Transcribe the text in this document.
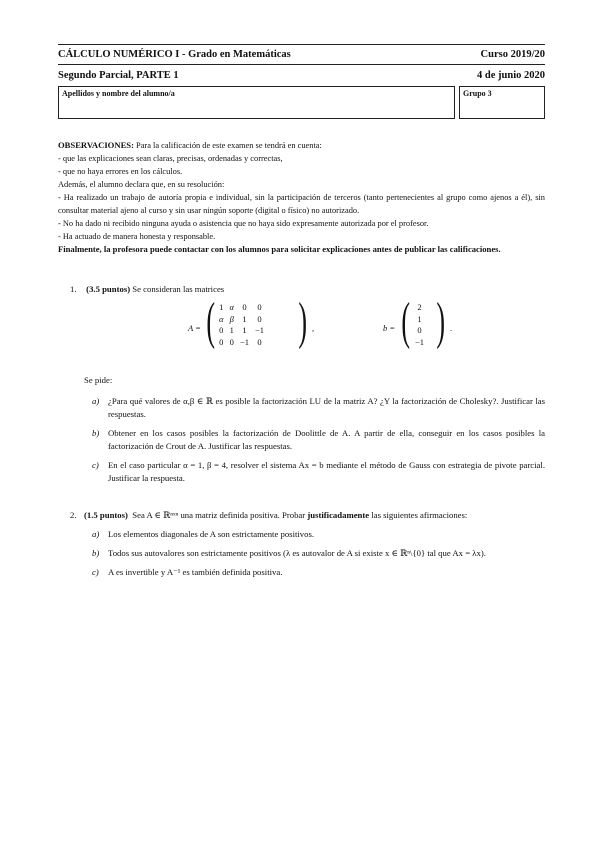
CÁLCULO NUMÉRICO I - Grado en Matemáticas	Curso 2019/20
Segundo Parcial, PARTE 1	4 de junio 2020
Apellidos y nombre del alumno/a	Grupo 3
OBSERVACIONES: Para la calificación de este examen se tendrá en cuenta:
- que las explicaciones sean claras, precisas, ordenadas y correctas,
- que no haya errores en los cálculos.
Además, el alumno declara que, en su resolución:
- Ha realizado un trabajo de autoría propia e individual, sin la participación de terceros (tanto pertenecientes al grupo como ajenos a él), sin consultar material ajeno al curso y sin usar ningún soporte (digital o físico) no autorizado.
- No ha dado ni recibido ninguna ayuda o asistencia que no haya sido expresamente autorizada por el profesor.
- Ha actuado de manera honesta y responsable.
Finalmente, la profesora puede contactar con los alumnos para solicitar explicaciones antes de publicar las calificaciones.
1. (3.5 puntos) Se consideran las matrices
A = ( 1	α	0	0
α	β	1	0
0	1	1	−1
0	0	−1	0 ) ,	b = ( 2
1
0
−1 ) .
Se pide:
a)	¿Para qué valores de α,β ∈ ℝ es posible la factorización LU de la matriz A? ¿Y la factorización de Cholesky?. Justificar las respuestas.
b)	Obtener en los casos posibles la factorización de Doolittle de A. A partir de ella, conseguir en los casos posibles la factorización de Crout de A. Justificar las respuestas.
c)	En el caso particular α = 1, β = 4, resolver el sistema Ax = b mediante el método de Gauss con estrategia de pivote parcial. Justificar la respuesta.
2. (1.5 puntos) Sea A ∈ ℝⁿˣⁿ una matriz definida positiva. Probar justificadamente las siguientes afirmaciones:
a)	Los elementos diagonales de A son estrictamente positivos.
b)	Todos sus autovalores son estrictamente positivos (λ es autovalor de A si existe x ∈ ℝⁿ\{0} tal que Ax = λx).
c)	A es invertible y A⁻¹ es también definida positiva.
